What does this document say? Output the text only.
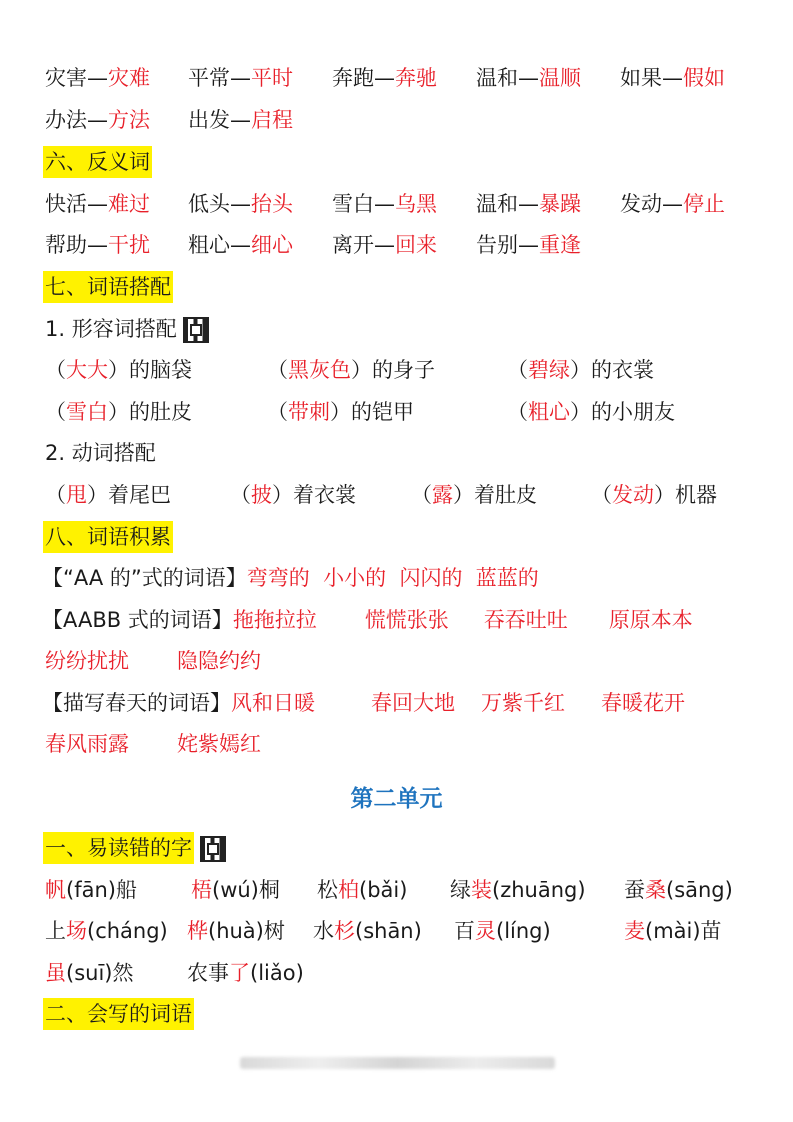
灾害—灾难 平常—平时 奔跑—奔驰 温和—温顺 如果—假如
办法—方法 出发—启程
六、反义词
快活—难过 低头—抬头 雪白—乌黑 温和—暴躁 发动—停止
帮助—干扰 粗心—细心 离开—回来 告别—重逢
七、词语搭配
1. 形容词搭配
（大大）的脑袋	（黑灰色）的身子	（碧绿）的衣裳
（雪白）的肚皮	（带刺）的铠甲	（粗心）的小朋友
2. 动词搭配
（甩）着尾巴	（披）着衣裳	（露）着肚皮	（发动）机器
八、词语积累
【“AA 的”式的词语】弯弯的  小小的  闪闪的  蓝蓝的
【AABB 式的词语】拖拖拉拉 慌慌张张 吞吞吐吐 原原本本
纷纷扰扰 隐隐约约
【描写春天的词语】风和日暖	春回大地 万紫千红 春暖花开
春风雨露 姹紫嫣红
第二单元
一、易读错的字
帆(fān)船	梧(wú)桐 松柏(bǎi) 绿装(zhuāng) 蚕桑(sāng)
上场(cháng) 桦(huà)树 水杉(shān) 百灵(líng)	麦(mài)苗
虽(suī)然	农事了(liǎo)
二、会写的词语
